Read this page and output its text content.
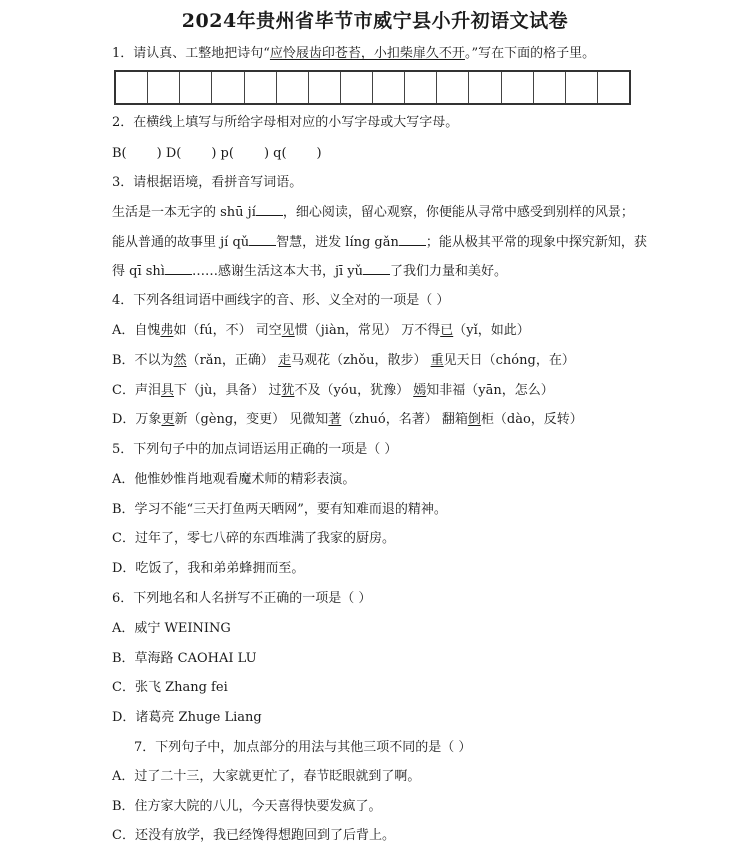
2024年贵州省毕节市威宁县小升初语文试卷
1．请认真、工整地把诗句“应怜屐齿印苍苔，小扣柴扉久不开。”写在下面的格子里。
2．在横线上填写与所给字母相对应的小写字母或大写字母。
B( ) D( ) p( ) q( )
3．请根据语境，看拼音写词语。
生活是一本无字的 shū jí ，细心阅读，留心观察，你便能从寻常中感受到别样的风景；
能从普通的故事里 jí qǔ 智慧，迸发 líng gǎn ；能从极其平常的现象中探究新知，获
得 qī shì ……感谢生活这本大书，jī yǔ 了我们力量和美好。
4．下列各组词语中画线字的音、形、义全对的一项是（ ）
A．自愧弗如（fú，不） 司空见惯（jiàn，常见） 万不得已（yǐ，如此）
B．不以为然（rǎn，正确） 走马观花（zhǒu，散步） 重见天日（chóng，在）
C．声泪具下（jù，具备） 过犹不及（yóu，犹豫） 嫣知非福（yān，怎么）
D．万象更新（gèng，变更） 见微知著（zhuó，名著） 翻箱倒柜（dào，反转）
5．下列句子中的加点词语运用正确的一项是（ ）
A．他惟妙惟肖地观看魔术师的精彩表演。
B．学习不能“三天打鱼两天晒网”，要有知难而退的精神。
C．过年了，零七八碎的东西堆满了我家的厨房。
D．吃饭了，我和弟弟蜂拥而至。
6．下列地名和人名拼写不正确的一项是（ ）
A．威宁 WEINING
B．草海路 CAOHAI LU
C．张飞 Zhang fei
D．诸葛亮 Zhuge Liang
7．下列句子中，加点部分的用法与其他三项不同的是（ ）
A．过了二十三，大家就更忙了，春节眨眼就到了啊。
B．住方家大院的八儿，今天喜得快要发疯了。
C．还没有放学，我已经馋得想跑回到了后背上。
